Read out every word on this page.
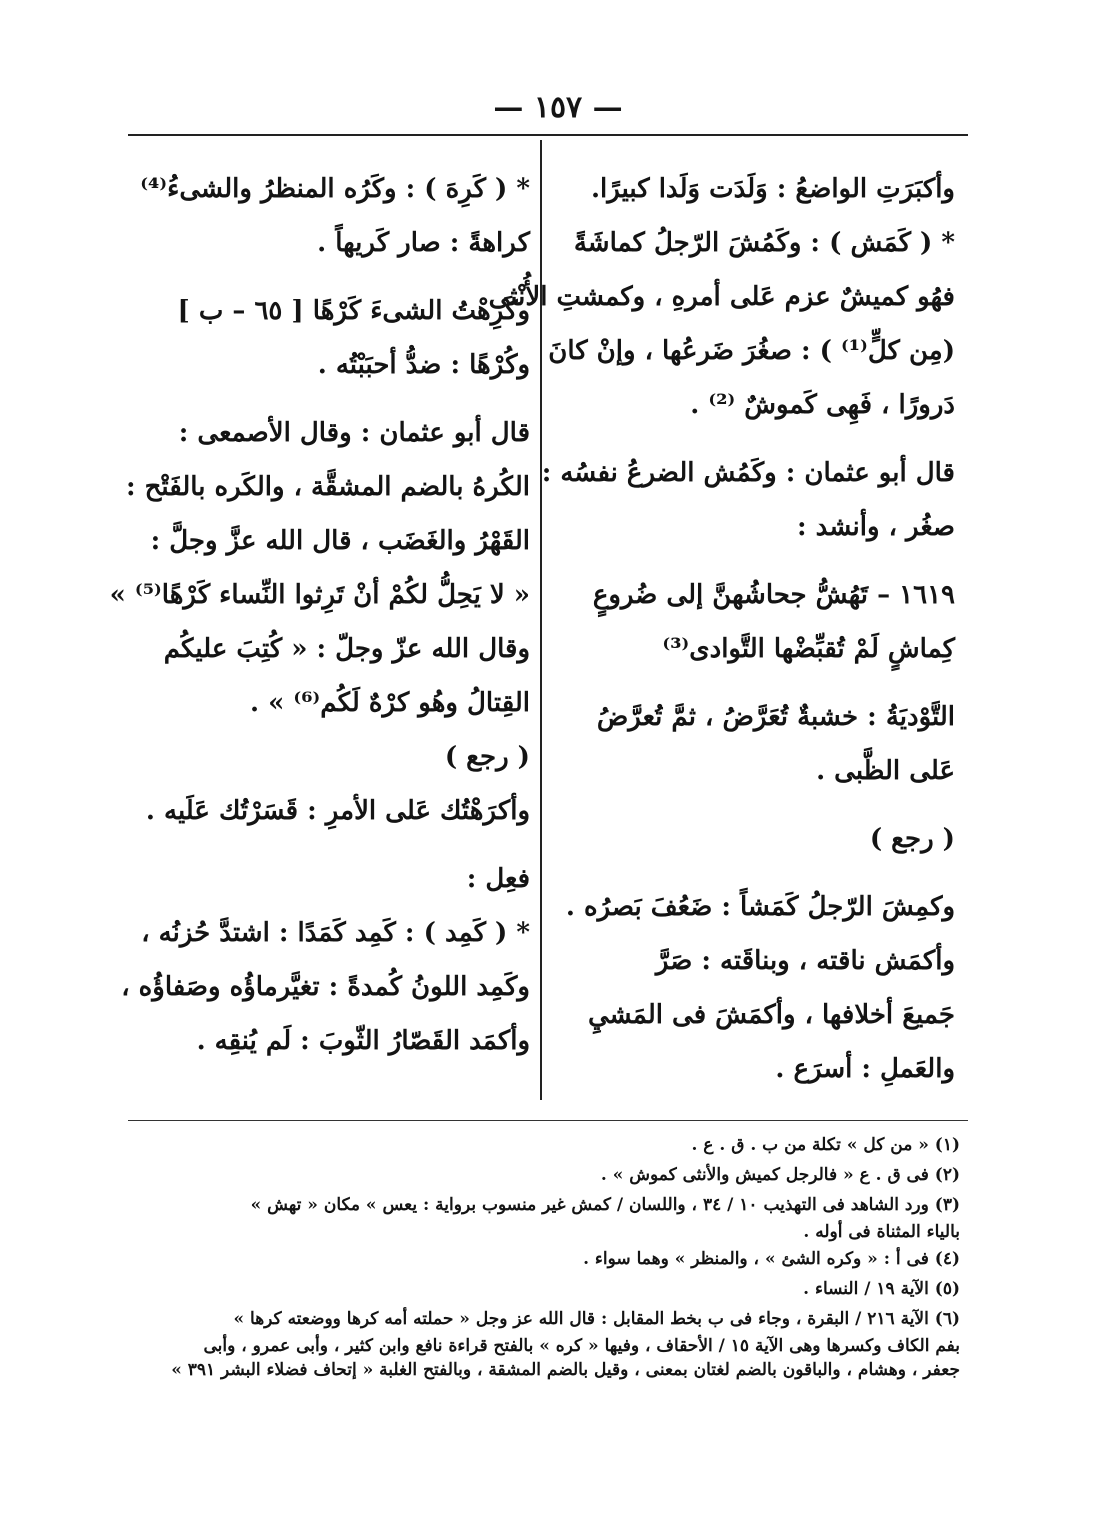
— ١٥٧ —
وأكبَرَتِ الواضعُ : وَلَدَت وَلَدا كبيرًا.
* ( كَمَش ) : وكَمُشَ الرّجلُ كماشَةً
فهُو كميشٌ عزم عَلى أمرهِ ، وكمشتِ الأُنْثى
(مِن كلٍّ⁽¹⁾ ) : صغُرَ ضَرعُها ، وإنْ كانَ
دَرورًا ، فَهِى كَموشٌ ⁽²⁾ .
قال أبو عثمان : وكَمُش الضرعُ نفسُه :
صغُر ، وأنشد :
١٦١٩ – تَهُشُّ جحاشُهنَّ إلى ضُروعٍ
كِماشٍ لَمْ تُقبِّضْها التَّوادى⁽³⁾
التَّوْديَةُ : خشبةٌ تُعَرَّضُ ، ثمَّ تُعرَّضُ
عَلى الظَّبى .
( رجع )
وكمِشَ الرّجلُ كَمَشاً : ضَعُفَ بَصرُه .
وأكمَش ناقته ، وبناقَته : صَرَّ
جَميعَ أخلافها ، وأكمَشَ فى المَشيِ
والعَملِ : أسرَع .
* ( كَرِهَ ) : وكَرُه المنظرُ والشىءُ⁽⁴⁾
كراهةً : صار كَريهاً .
وكَرِهْتُ الشىءَ كَرْهًا [ ٦٥ – ب ]
وكُرْهًا : ضدُّ أحبَبْتُه .
قال أبو عثمان : وقال الأصمعى :
الكُرهُ بالضم المشقَّة ، والكَره بالفَتْح :
القَهْرُ والغَضَب ، قال الله عزَّ وجلَّ :
« لا يَحِلُّ لكُمْ أنْ تَرِثوا النِّساء كَرْهًا⁽⁵⁾ »
وقال الله عزّ وجلّ : « كُتِبَ عليكُم
القِتالُ وهُو كرْهٌ لَكُم⁽⁶⁾ » .
( رجع )
وأكرَهْتُك عَلى الأمرِ : قَسَرْتُك عَلَيه .
فعِل :
* ( كَمِد ) : كَمِد كَمَدًا : اشتدَّ حُزنُه ،
وكَمِد اللونُ كُمدةً : تغيَّرماؤُه وصَفاؤُه ،
وأكمَد القَصّارُ الثّوبَ : لَم يُنقِه .
(١) « من كل » تكلة من ب . ق . ع .
(٢) فى ق . ع « فالرجل كميش والأنثى كموش » .
(٣) ورد الشاهد فى التهذيب ١٠ / ٣٤ ، واللسان / كمش غير منسوب برواية : يعس » مكان « تهش »
بالياء المثناة فى أوله .
(٤) فى أ : « وكره الشئ » ، والمنظر » وهما سواء .
(٥) الآية ١٩ / النساء .
(٦) الآية ٢١٦ / البقرة ، وجاء فى ب بخط المقابل : قال الله عز وجل « حملته أمه كرها ووضعته كرها »
بفم الكاف وكسرها وهى الآية ١٥ / الأحقاف ، وفيها « كره » بالفتح قراءة نافع وابن كثير ، وأبى عمرو ، وأبى
جعفر ، وهشام ، والباقون بالضم لغتان بمعنى ، وقيل بالضم المشقة ، وبالفتح الغلبة « إتحاف فضلاء البشر ٣٩١ »
